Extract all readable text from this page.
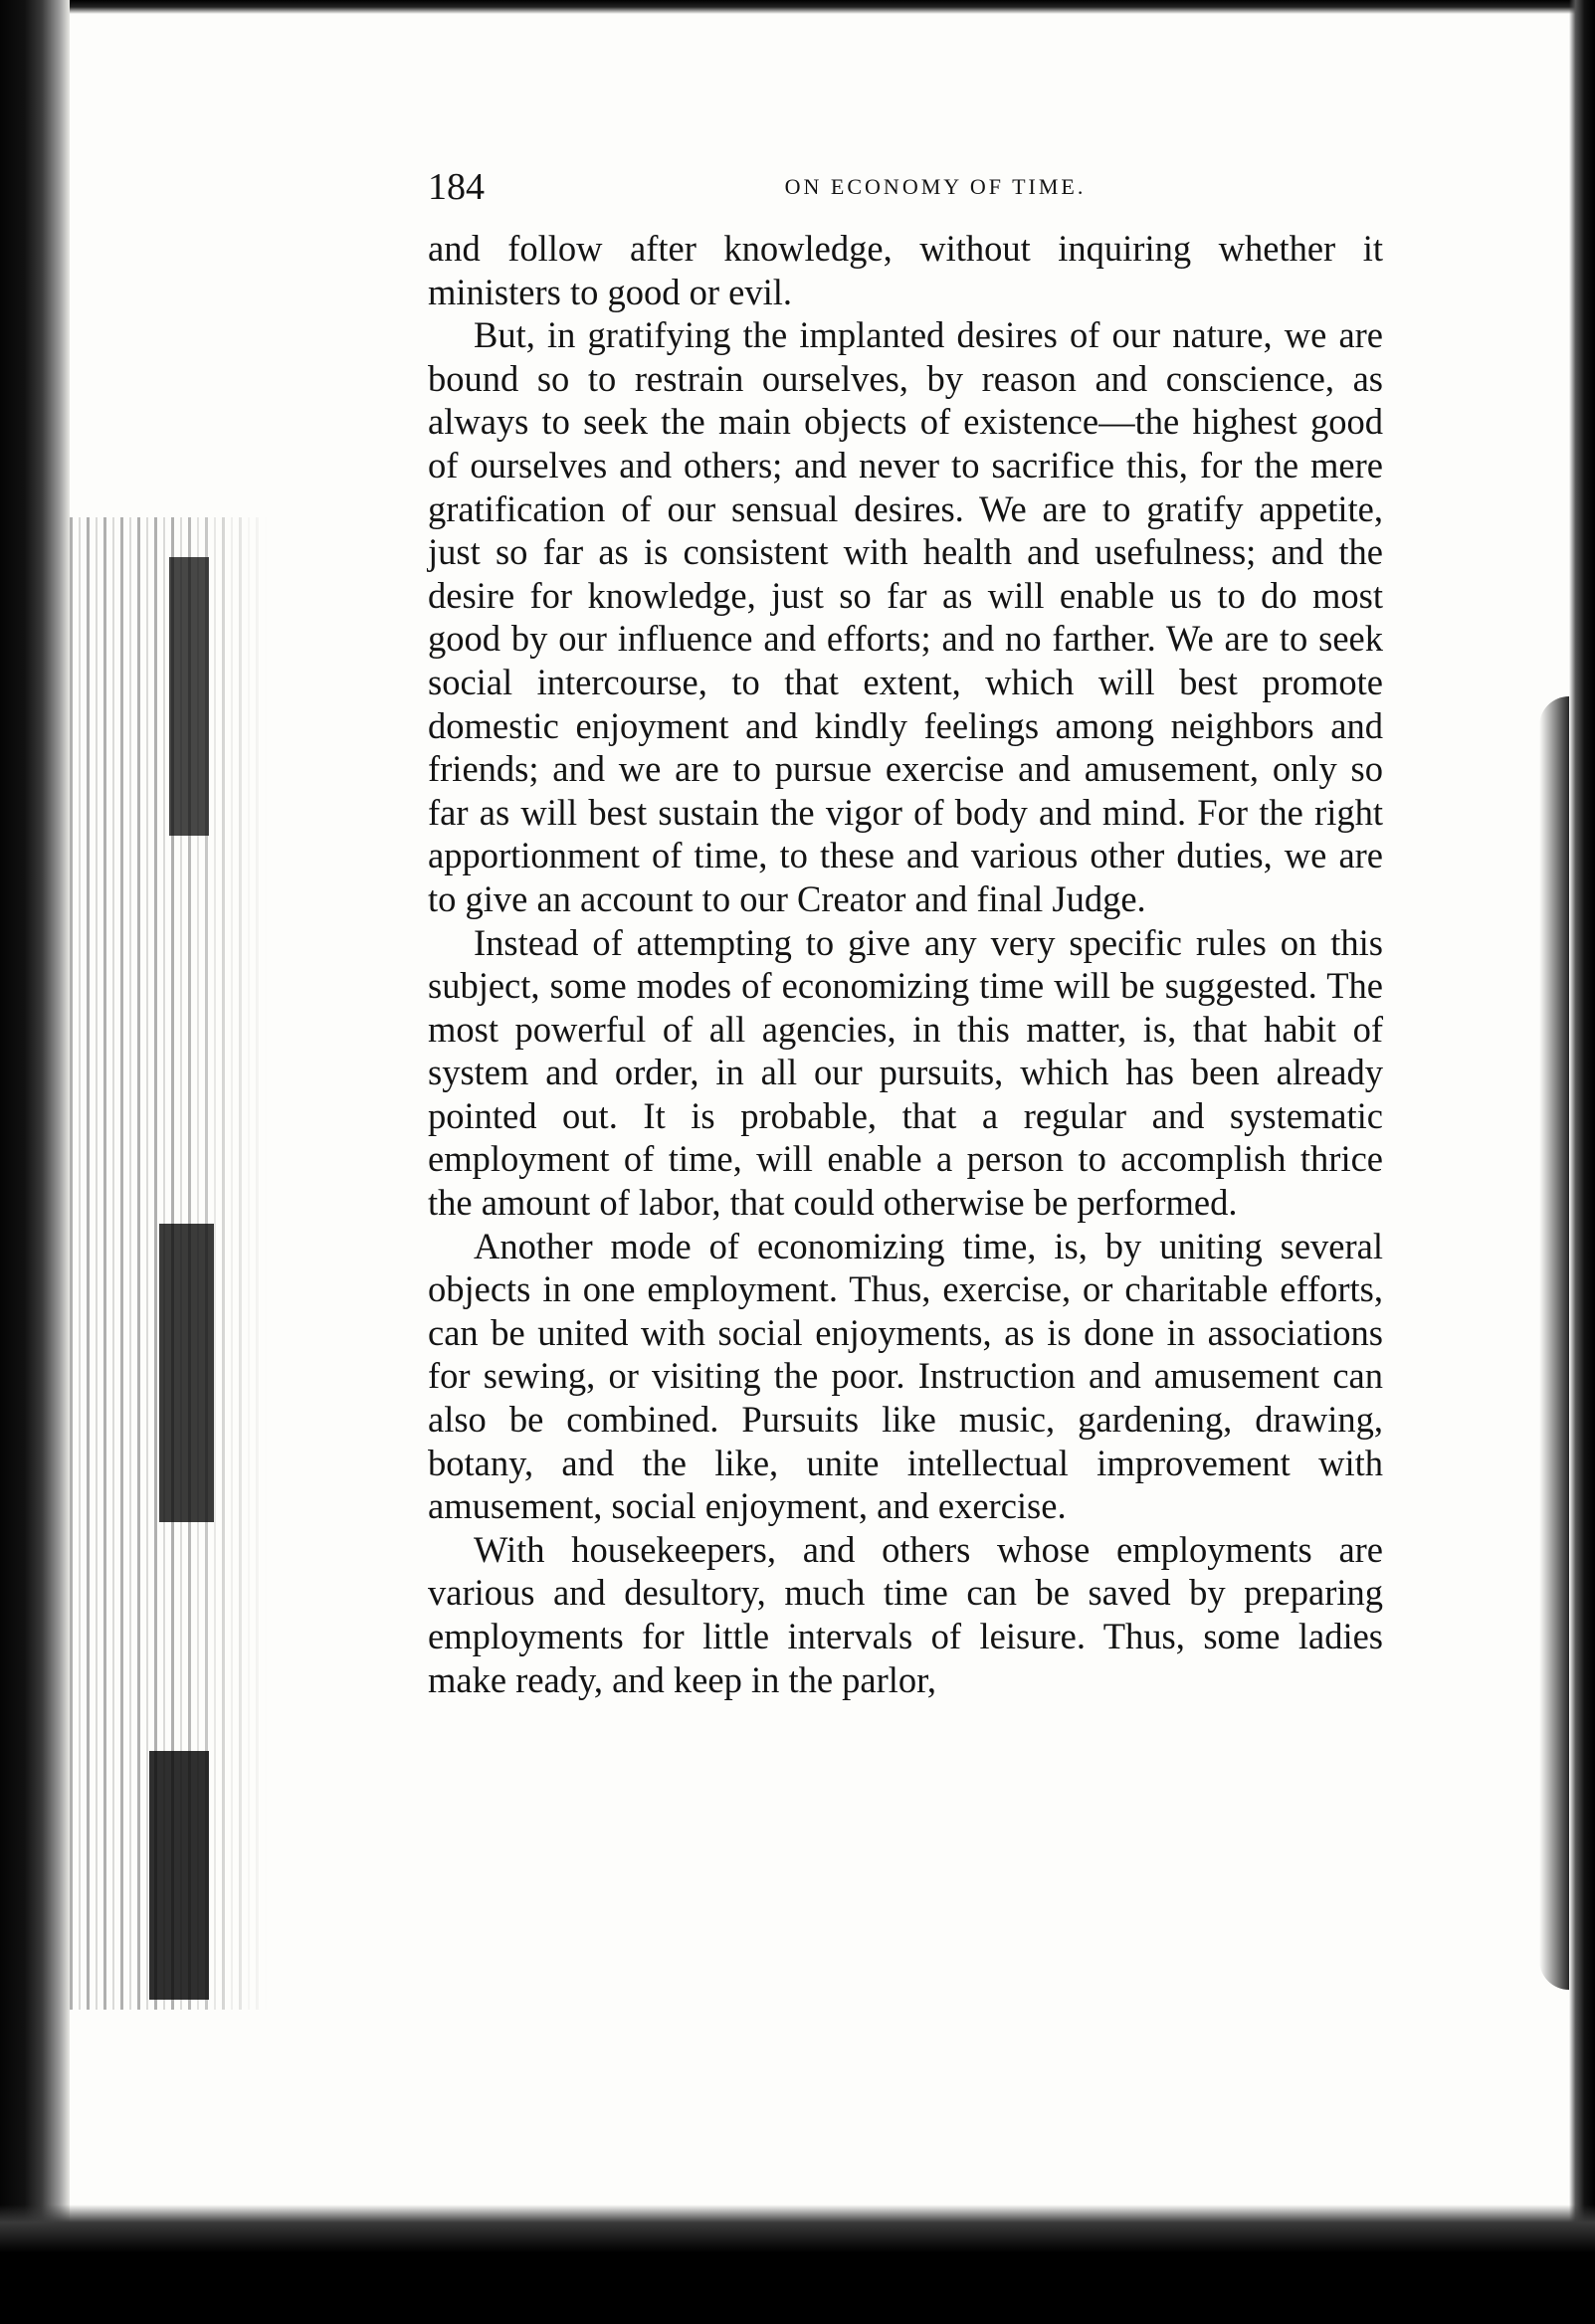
184	ON ECONOMY OF TIME.

and follow after knowledge, without inquiring whether it ministers to good or evil.

But, in gratifying the implanted desires of our nature, we are bound so to restrain ourselves, by reason and conscience, as always to seek the main objects of existence—the highest good of ourselves and others; and never to sacrifice this, for the mere gratification of our sensual desires. We are to gratify appetite, just so far as is consistent with health and usefulness; and the desire for knowledge, just so far as will enable us to do most good by our influence and efforts; and no farther. We are to seek social intercourse, to that extent, which will best promote domestic enjoyment and kindly feelings among neighbors and friends; and we are to pursue exercise and amusement, only so far as will best sustain the vigor of body and mind. For the right apportionment of time, to these and various other duties, we are to give an account to our Creator and final Judge.

Instead of attempting to give any very specific rules on this subject, some modes of economizing time will be suggested. The most powerful of all agencies, in this matter, is, that habit of system and order, in all our pursuits, which has been already pointed out. It is probable, that a regular and systematic employment of time, will enable a person to accomplish thrice the amount of labor, that could otherwise be performed.

Another mode of economizing time, is, by uniting several objects in one employment. Thus, exercise, or charitable efforts, can be united with social enjoyments, as is done in associations for sewing, or visiting the poor. Instruction and amusement can also be combined. Pursuits like music, gardening, drawing, botany, and the like, unite intellectual improvement with amusement, social enjoyment, and exercise.

With housekeepers, and others whose employments are various and desultory, much time can be saved by preparing employments for little intervals of leisure. Thus, some ladies make ready, and keep in the parlor,
